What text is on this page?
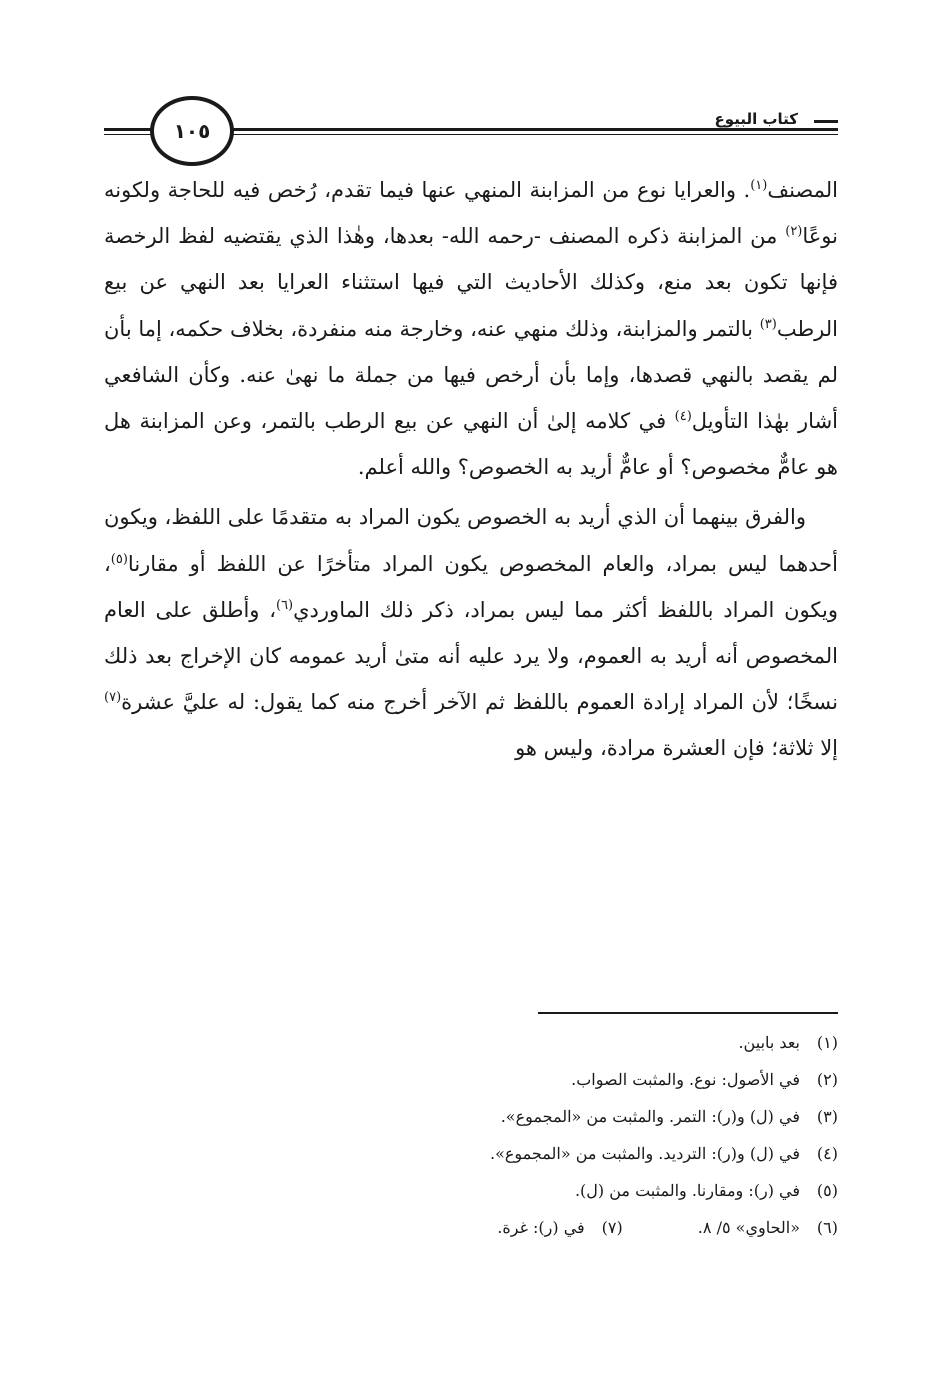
كتاب البيوع
١٠٥

المصنف$^{(١)}$. والعرايا نوع من المزابنة المنهي عنها فيما تقدم، رُخص فيه للحاجة ولكونه نوعًا$^{(٢)}$ من المزابنة ذكره المصنف -رحمه الله- بعدها، وهٰذا الذي يقتضيه لفظ الرخصة فإنها تكون بعد منع، وكذلك الأحاديث التي فيها استثناء العرايا بعد النهي عن بيع الرطب$^{(٣)}$ بالتمر والمزابنة، وذلك منهي عنه، وخارجة منه منفردة، بخلاف حكمه، إما بأن لم يقصد بالنهي قصدها، وإما بأن أرخص فيها من جملة ما نهىٰ عنه. وكأن الشافعي أشار بهٰذا التأويل$^{(٤)}$ في كلامه إلىٰ أن النهي عن بيع الرطب بالتمر، وعن المزابنة هل هو عامٌّ مخصوص؟ أو عامٌّ أريد به الخصوص؟ والله أعلم.

والفرق بينهما أن الذي أريد به الخصوص يكون المراد به متقدمًا على اللفظ، ويكون أحدهما ليس بمراد، والعام المخصوص يكون المراد متأخرًا عن اللفظ أو مقارنا$^{(٥)}$، ويكون المراد باللفظ أكثر مما ليس بمراد، ذكر ذلك الماوردي$^{(٦)}$، وأطلق على العام المخصوص أنه أريد به العموم، ولا يرد عليه أنه متىٰ أريد عمومه كان الإخراج بعد ذلك نسخًا؛ لأن المراد إرادة العموم باللفظ ثم الآخر أخرج منه كما يقول: له عليَّ عشرة$^{(٧)}$ إلا ثلاثة؛ فإن العشرة مرادة، وليس هو

(١)بعد بابين.
(٢)في الأصول: نوع. والمثبت الصواب.
(٣)في (ل) و(ر): التمر. والمثبت من «المجموع».
(٤)في (ل) و(ر): الترديد. والمثبت من «المجموع».
(٥)في (ر): ومقارنا. والمثبت من (ل).
(٦)«الحاوي» ٥/ ٨. (٧)في (ر): غرة.
